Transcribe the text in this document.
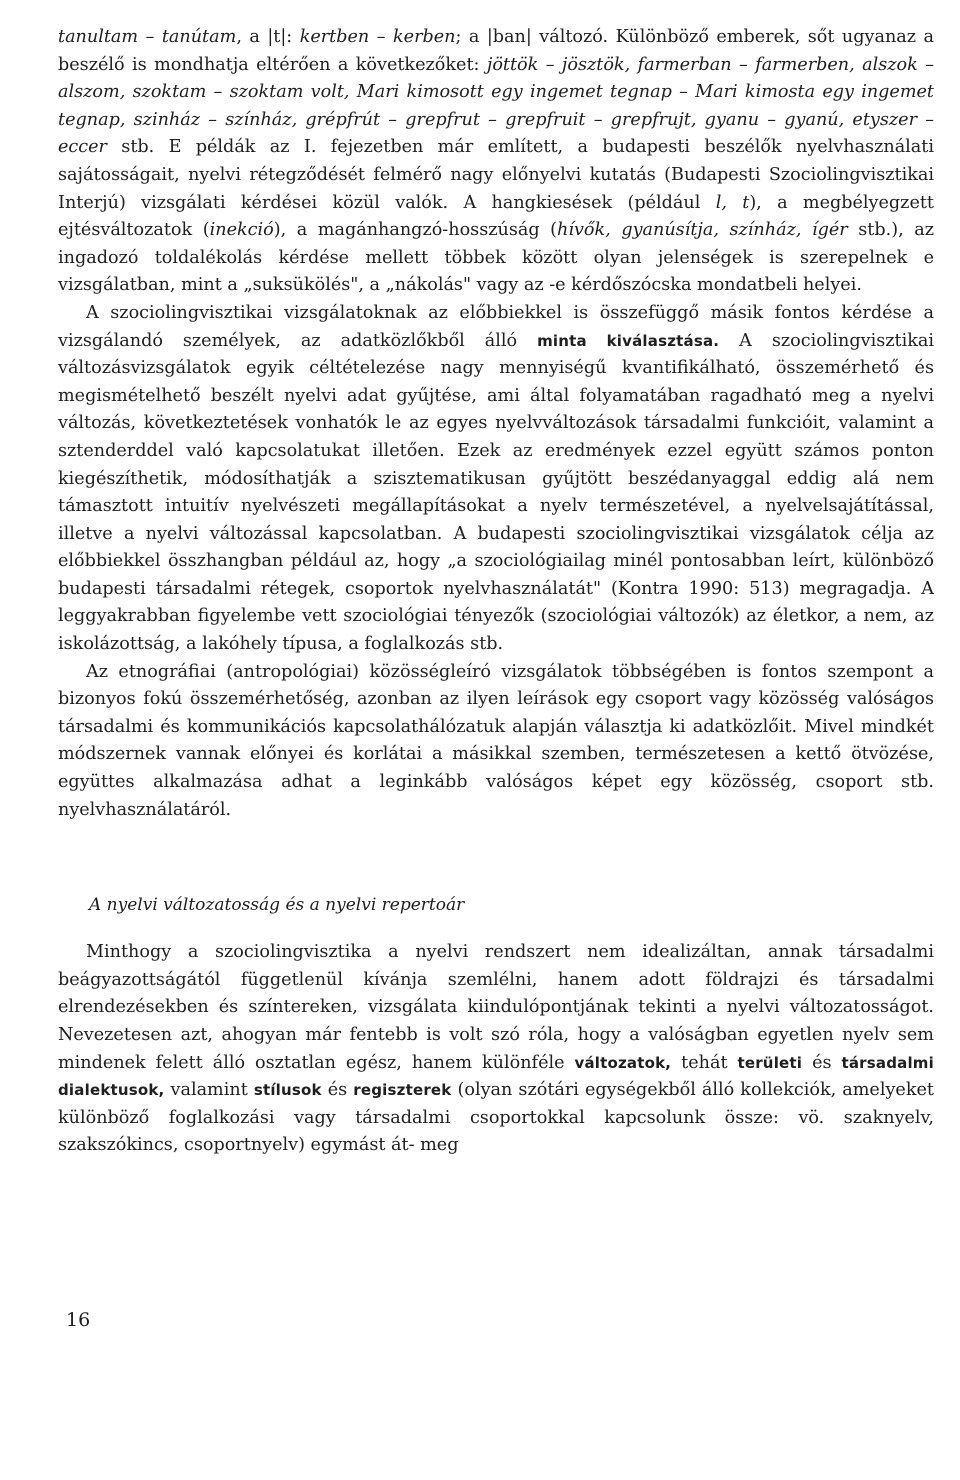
tanultam – tanútam, a |t|: kertben – kerben; a |ban| változó. Különböző emberek, sőt ugyanaz a beszélő is mondhatja eltérően a következőket: jöttök – jösztök, farmerban – farmerben, alszok – alszom, szoktam – szoktam volt, Mari kimosott egy ingemet tegnap – Mari kimosta egy ingemet tegnap, szinház – színház, grépfrút – grepfrut – grepfruit – grepfrujt, gyanu – gyanú, etyszer – eccer stb. E példák az I. fejezetben már említett, a budapesti beszélők nyelvhasználati sajátosságait, nyelvi rétegződését felmérő nagy előnyelvi kutatás (Budapesti Szociolingvisztikai Interjú) vizsgálati kérdései közül valók. A hangkiesések (például l, t), a megbélyegzett ejtésváltozatok (inekció), a magánhangzó-hosszúság (hívők, gyanúsítja, színház, ígér stb.), az ingadozó toldalékolás kérdése mellett többek között olyan jelenségek is szerepelnek e vizsgálatban, mint a „suksükölés", a „nákolás" vagy az -e kérdőszócska mondatbeli helyei.

A szociolingvisztikai vizsgálatoknak az előbbiekkel is összefüggő másik fontos kérdése a vizsgálandó személyek, az adatközlőkből álló minta kiválasztása. A szociolingvisztikai változásvizsgálatok egyik céltételezése nagy mennyiségű kvantifikálható, összemérhető és megismételhető beszélt nyelvi adat gyűjtése, ami által folyamatában ragadható meg a nyelvi változás, következtetések vonhatók le az egyes nyelvváltozások társadalmi funkcióit, valamint a sztenderddel való kapcsolatukat illetően. Ezek az eredmények ezzel együtt számos ponton kiegészíthetik, módosíthatják a szisztematikusan gyűjtött beszédanyaggal eddig alá nem támasztott intuitív nyelvészeti megállapításokat a nyelv természetével, a nyelvelsajátítással, illetve a nyelvi változással kapcsolatban. A budapesti szociolingvisztikai vizsgálatok célja az előbbiekkel összhangban például az, hogy „a szociológiailag minél pontosabban leírt, különböző budapesti társadalmi rétegek, csoportok nyelvhasználatát" (Kontra 1990: 513) megragadja. A leggyakrabban figyelembe vett szociológiai tényezők (szociológiai változók) az életkor, a nem, az iskolázottság, a lakóhely típusa, a foglalkozás stb.

Az etnográfiai (antropológiai) közösségleíró vizsgálatok többségében is fontos szempont a bizonyos fokú összemérhetőség, azonban az ilyen leírások egy csoport vagy közösség valóságos társadalmi és kommunikációs kapcsolathálózatuk alapján választja ki adatközlőit. Mivel mindkét módszernek vannak előnyei és korlátai a másikkal szemben, természetesen a kettő ötvözése, együttes alkalmazása adhat a leginkább valóságos képet egy közösség, csoport stb. nyelvhasználatáról.

A nyelvi változatosság és a nyelvi repertoár

Minthogy a szociolingvisztika a nyelvi rendszert nem idealizáltan, annak társadalmi beágyazottságától függetlenül kívánja szemlélni, hanem adott földrajzi és társadalmi elrendezésekben és színtereken, vizsgálata kiindulópontjának tekinti a nyelvi változatosságot. Nevezetesen azt, ahogyan már fentebb is volt szó róla, hogy a valóságban egyetlen nyelv sem mindenek felett álló osztatlan egész, hanem különféle változatok, tehát területi és társadalmi dialektusok, valamint stílusok és regiszterek (olyan szótári egységekből álló kollekciók, amelyeket különböző foglalkozási vagy társadalmi csoportokkal kapcsolunk össze: vö. szaknyelv, szakszókincs, csoportnyelv) egymást át- meg

16
